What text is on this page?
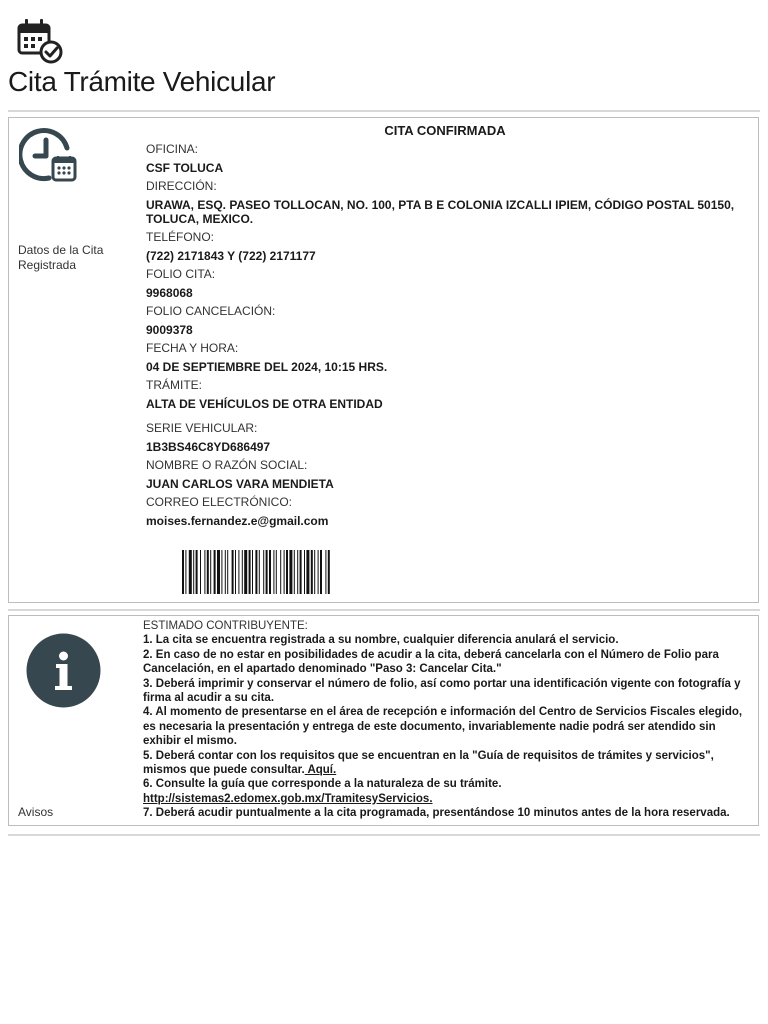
Cita Trámite Vehicular
Datos de la Cita Registrada
CITA CONFIRMADA
OFICINA:
CSF TOLUCA
DIRECCIÓN:
URAWA, ESQ. PASEO TOLLOCAN, NO. 100, PTA B E COLONIA IZCALLI IPIEM, CÓDIGO POSTAL 50150, TOLUCA, MEXICO.
TELÉFONO:
(722) 2171843 Y (722) 2171177
FOLIO CITA:
9968068
FOLIO CANCELACIÓN:
9009378
FECHA Y HORA:
04 DE SEPTIEMBRE DEL 2024, 10:15 HRS.
TRÁMITE:
ALTA DE VEHÍCULOS DE OTRA ENTIDAD
SERIE VEHICULAR:
1B3BS46C8YD686497
NOMBRE O RAZÓN SOCIAL:
JUAN CARLOS VARA MENDIETA
CORREO ELECTRÓNICO:
moises.fernandez.e@gmail.com
Avisos
ESTIMADO CONTRIBUYENTE:
1. La cita se encuentra registrada a su nombre, cualquier diferencia anulará el servicio.
2. En caso de no estar en posibilidades de acudir a la cita, deberá cancelarla con el Número de Folio para Cancelación, en el apartado denominado "Paso 3: Cancelar Cita."
3. Deberá imprimir y conservar el número de folio, así como portar una identificación vigente con fotografía y firma al acudir a su cita.
4. Al momento de presentarse en el área de recepción e información del Centro de Servicios Fiscales elegido, es necesaria la presentación y entrega de este documento, invariablemente nadie podrá ser atendido sin exhibir el mismo.
5. Deberá contar con los requisitos que se encuentran en la "Guía de requisitos de trámites y servicios", mismos que puede consultar. Aquí.
6. Consulte la guía que corresponde a la naturaleza de su trámite.
http://sistemas2.edomex.gob.mx/TramitesyServicios.
7. Deberá acudir puntualmente a la cita programada, presentándose 10 minutos antes de la hora reservada.
